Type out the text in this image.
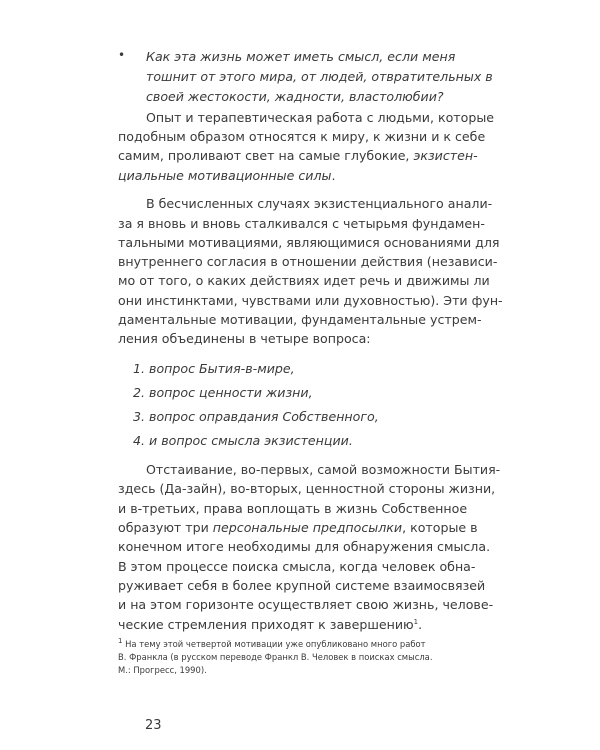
• Как эта жизнь может иметь смысл, если меня
тошнит от этого мира, от людей, отвратительных в
своей жестокости, жадности, властолюбии?
Опыт и терапевтическая работа с людьми, которые
подобным образом относятся к миру, к жизни и к себе
самим, проливают свет на самые глубокие, экзистен-
циальные мотивационные силы.
В бесчисленных случаях экзистенциального анали-
за я вновь и вновь сталкивался с четырьмя фундамен-
тальными мотивациями, являющимися основаниями для
внутреннего согласия в отношении действия (независи-
мо от того, о каких действиях идет речь и движимы ли
они инстинктами, чувствами или духовностью). Эти фун-
даментальные мотивации, фундаментальные устрем-
ления объединены в четыре вопроса:
1. вопрос Бытия-в-мире,
2. вопрос ценности жизни,
3. вопрос оправдания Собственного,
4. и вопрос смысла экзистенции.
Отстаивание, во-первых, самой возможности Бытия-
здесь (Да-зайн), во-вторых, ценностной стороны жизни,
и в-третьих, права воплощать в жизнь Собственное
образуют три персональные предпосылки, которые в
конечном итоге необходимы для обнаружения смысла.
В этом процессе поиска смысла, когда человек обна-
руживает себя в более крупной системе взаимосвязей
и на этом горизонте осуществляет свою жизнь, челове-
ческие стремления приходят к завершению$^1$.
$^1$ На тему этой четвертой мотивации уже опубликовано много работ
В. Франкла (в русском переводе Франкл В. Человек в поисках смысла.
М.: Прогресс, 1990).
23
